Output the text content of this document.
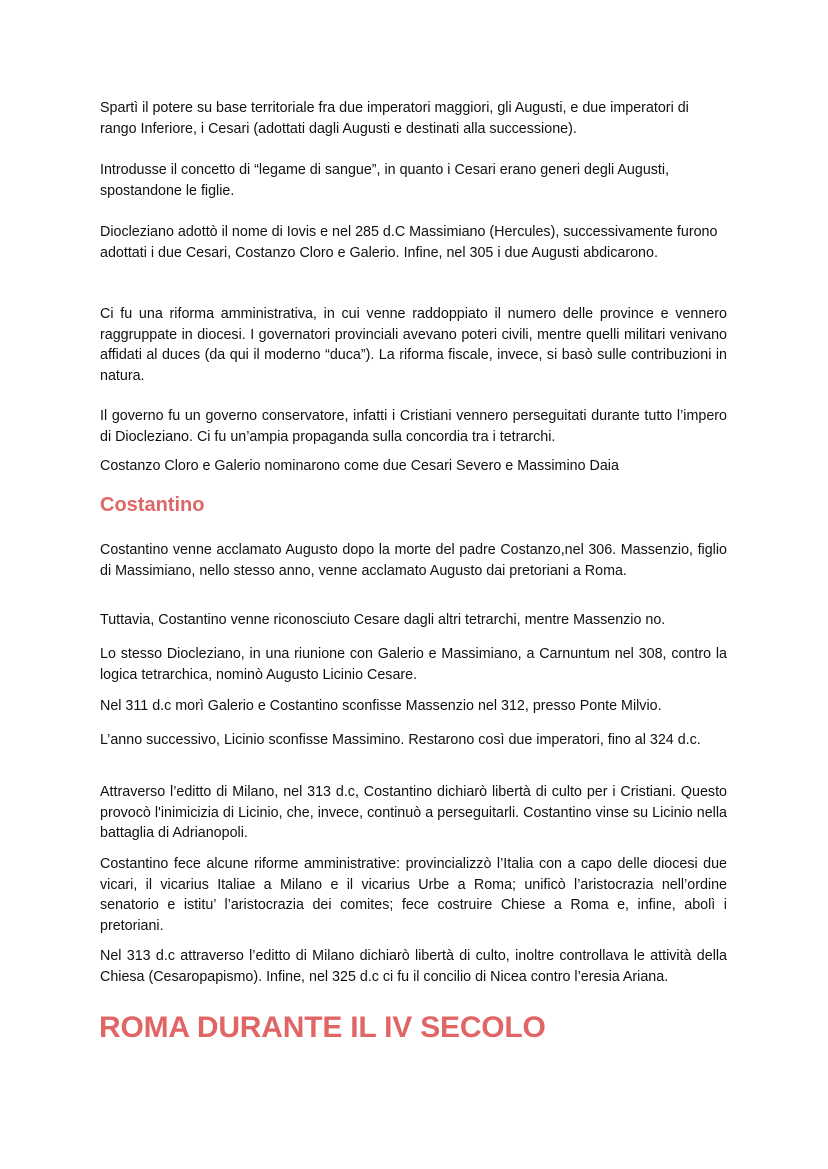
Spartì il potere su base territoriale fra due imperatori maggiori, gli Augusti, e due imperatori di rango Inferiore, i Cesari (adottati dagli Augusti e destinati alla successione).

Introdusse il concetto di “legame di sangue”, in quanto i Cesari erano generi degli Augusti, spostandone le figlie.

Diocleziano adottò il nome di Iovis e nel 285 d.C Massimiano (Hercules), successivamente furono adottati i due Cesari, Costanzo Cloro e Galerio. Infine, nel 305 i due Augusti abdicarono.

Ci fu una riforma amministrativa, in cui venne raddoppiato il numero delle province e vennero raggruppate in diocesi. I governatori provinciali avevano poteri civili, mentre quelli militari venivano affidati al duces (da qui il moderno “duca”). La riforma fiscale, invece, si basò sulle contribuzioni in natura.

Il governo fu un governo conservatore, infatti i Cristiani vennero perseguitati durante tutto l’impero di Diocleziano. Ci fu un’ampia propaganda sulla concordia tra i tetrarchi.

Costanzo Cloro e Galerio nominarono come due Cesari Severo e Massimino Daia

Costantino

Costantino venne acclamato Augusto dopo la morte del padre Costanzo,nel 306. Massenzio, figlio di Massimiano, nello stesso anno, venne acclamato Augusto dai pretoriani a Roma.

Tuttavia, Costantino venne riconosciuto Cesare dagli altri tetrarchi, mentre Massenzio no.

Lo stesso Diocleziano, in una riunione con Galerio e Massimiano, a Carnuntum nel 308, contro la logica tetrarchica, nominò Augusto Licinio Cesare.

Nel 311 d.c morì Galerio e Costantino sconfisse Massenzio nel 312, presso Ponte Milvio.

L’anno successivo, Licinio sconfisse Massimino. Restarono così due imperatori, fino al 324 d.c.

Attraverso l’editto di Milano, nel 313 d.c, Costantino dichiarò libertà di culto per i Cristiani. Questo provocò l'inimicizia di Licinio, che, invece, continuò a perseguitarli. Costantino vinse su Licinio nella battaglia di Adrianopoli.

Costantino fece alcune riforme amministrative: provincializzò l’Italia con a capo delle diocesi due vicari, il vicarius Italiae a Milano e il vicarius Urbe a Roma; unificò l’aristocrazia nell’ordine senatorio e istitu’ l’aristocrazia dei comites; fece costruire Chiese a Roma e, infine, abolì i pretoriani.

Nel 313 d.c attraverso l’editto di Milano dichiarò libertà di culto, inoltre controllava le attività della Chiesa (Cesaropapismo). Infine, nel 325 d.c ci fu il concilio di Nicea contro l’eresia Ariana.

ROMA DURANTE IL IV SECOLO
